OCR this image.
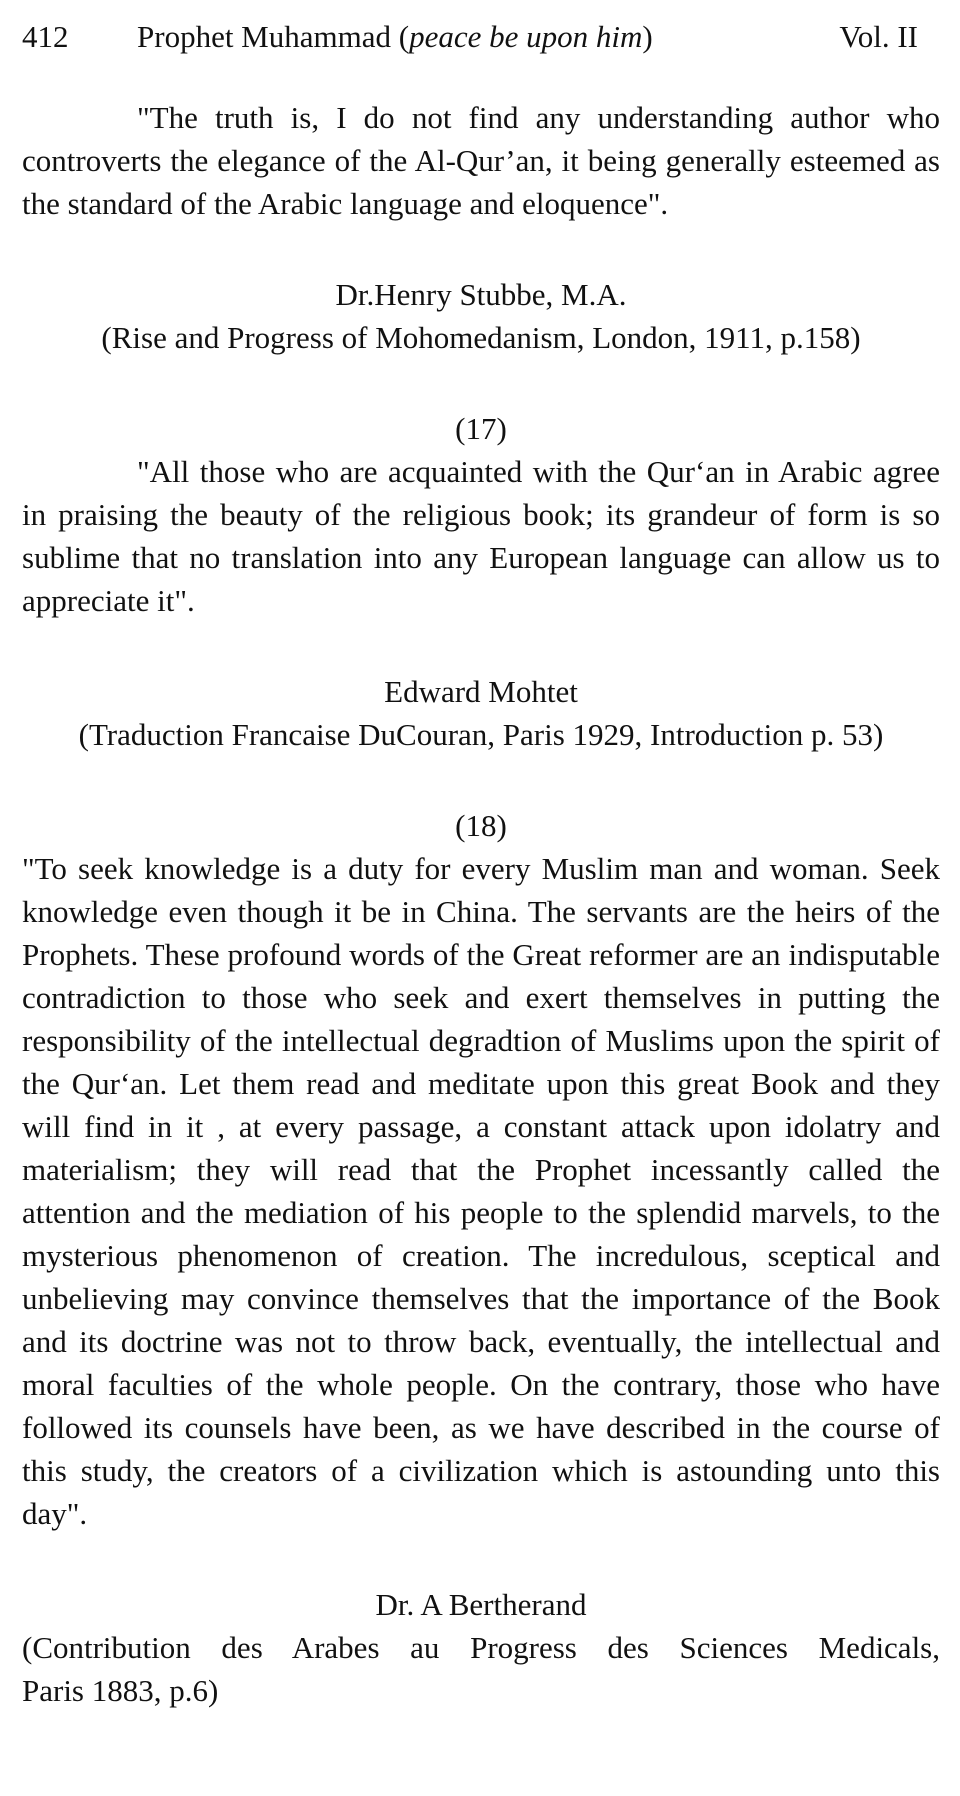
412 Prophet Muhammad (peace be upon him)	Vol. II

"The truth is, I do not find any understanding author who controverts the elegance of the Al-Qur’an, it being generally esteemed as the standard of the Arabic language and eloquence".

Dr.Henry Stubbe, M.A.

(Rise and Progress of Mohomedanism, London, 1911, p.158)

(17)

"All those who are acquainted with the Qur‘an in Arabic agree in praising the beauty of the religious book; its grandeur of form is so sublime that no translation into any European language can allow us to appreciate it".

Edward Mohtet

(Traduction Francaise DuCouran, Paris 1929, Introduction p. 53)

(18)

"To seek knowledge is a duty for every Muslim man and woman. Seek knowledge even though it be in China. The servants are the heirs of the Prophets. These profound words of the Great reformer are an indisputable contradiction to those who seek and exert themselves in putting the responsibility of the intellectual degradtion of Muslims upon the spirit of the Qur‘an. Let them read and meditate upon this great Book and they will find in it , at every passage, a constant attack upon idolatry and materialism; they will read that the Prophet incessantly called the attention and the mediation of his people to the splendid marvels, to the mysterious phenomenon of creation. The incredulous, sceptical and unbelieving may convince themselves that the importance of the Book and its doctrine was not to throw back, eventually, the intellectual and moral faculties of the whole people. On the contrary, those who have followed its counsels have been, as we have described in the course of this study, the creators of a civilization which is astounding unto this day".

Dr. A Bertherand

(Contribution des Arabes au Progress des Sciences Medicals,

Paris 1883, p.6)
